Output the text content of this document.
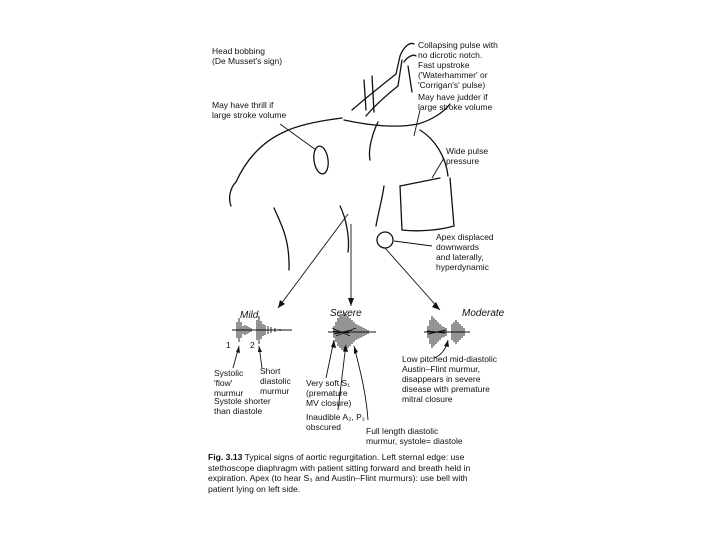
Head bobbing
(De Musset's sign)
May have thrill if
large stroke volume
Collapsing pulse with
no dicrotic notch.
Fast upstroke
('Waterhammer' or
'Corrigan's' pulse)
May have judder if
large stroke volume
Wide pulse
pressure
Apex displaced
downwards
and laterally,
hyperdynamic
Mild	Severe	Moderate
1 2
Systolic
'flow'
murmur
Short
diastolic
murmur
Systole shorter
than diastole
Very soft S₁
(premature
MV closure)
Inaudible A₂, P₂
obscured	Full length diastolic
murmur, systole= diastole
Low pitched mid-diastolic
Austin–Flint murmur,
disappears in severe
disease with premature
mitral closure
Fig. 3.13 Typical signs of aortic regurgitation. Left sternal edge: use
stethoscope diaphragm with patient sitting forward and breath held in
expiration. Apex (to hear S₃ and Austin–Flint murmurs): use bell with
patient lying on left side.
